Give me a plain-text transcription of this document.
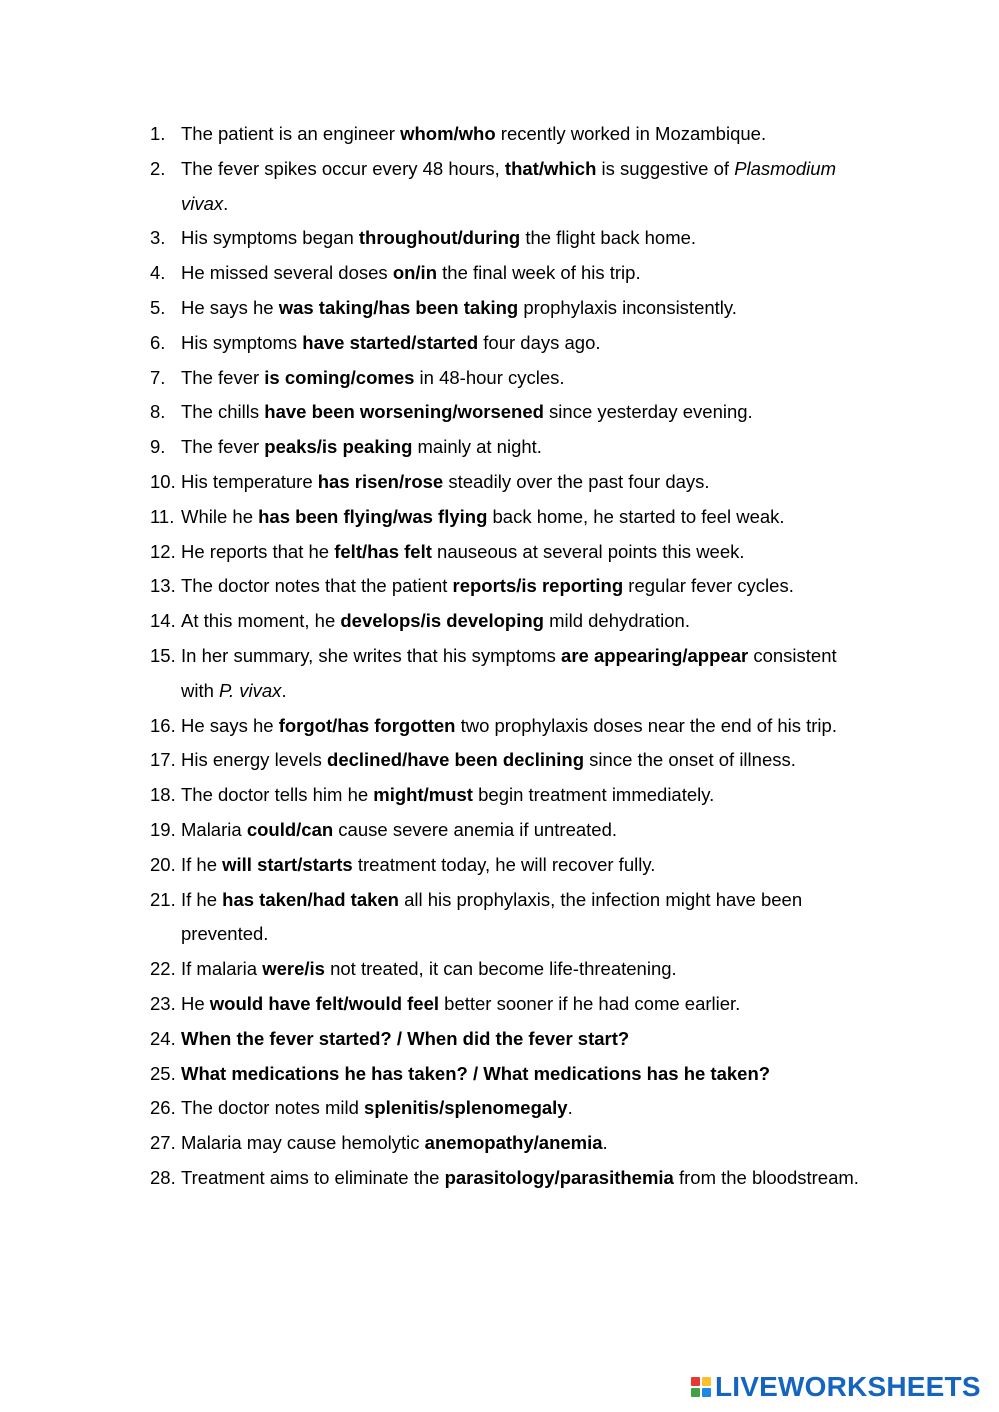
1. The patient is an engineer whom/who recently worked in Mozambique.
2. The fever spikes occur every 48 hours, that/which is suggestive of Plasmodium vivax.
3. His symptoms began throughout/during the flight back home.
4. He missed several doses on/in the final week of his trip.
5. He says he was taking/has been taking prophylaxis inconsistently.
6. His symptoms have started/started four days ago.
7. The fever is coming/comes in 48-hour cycles.
8. The chills have been worsening/worsened since yesterday evening.
9. The fever peaks/is peaking mainly at night.
10. His temperature has risen/rose steadily over the past four days.
11. While he has been flying/was flying back home, he started to feel weak.
12. He reports that he felt/has felt nauseous at several points this week.
13. The doctor notes that the patient reports/is reporting regular fever cycles.
14. At this moment, he develops/is developing mild dehydration.
15. In her summary, she writes that his symptoms are appearing/appear consistent with P. vivax.
16. He says he forgot/has forgotten two prophylaxis doses near the end of his trip.
17. His energy levels declined/have been declining since the onset of illness.
18. The doctor tells him he might/must begin treatment immediately.
19. Malaria could/can cause severe anemia if untreated.
20. If he will start/starts treatment today, he will recover fully.
21. If he has taken/had taken all his prophylaxis, the infection might have been prevented.
22. If malaria were/is not treated, it can become life-threatening.
23. He would have felt/would feel better sooner if he had come earlier.
24. When the fever started? / When did the fever start?
25. What medications he has taken? / What medications has he taken?
26. The doctor notes mild splenitis/splenomegaly.
27. Malaria may cause hemolytic anemopathy/anemia.
28. Treatment aims to eliminate the parasitology/parasithemia from the bloodstream.
LIVEWORKSHEETS
